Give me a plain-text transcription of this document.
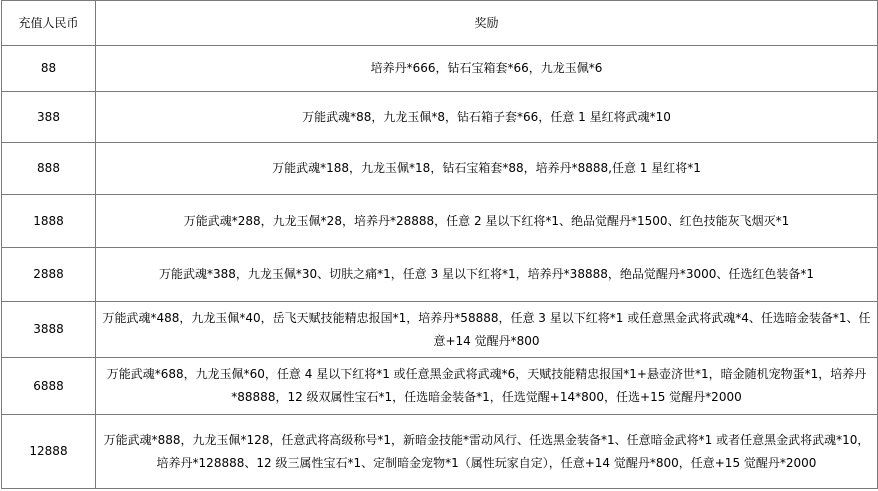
充值人民币	奖励
88	培养丹*666，钻石宝箱套*66，九龙玉佩*6
388	万能武魂*88，九龙玉佩*8，钻石箱子套*66，任意 1 星红将武魂*10
888	万能武魂*188，九龙玉佩*18，钻石宝箱套*88，培养丹*8888,任意 1 星红将*1
1888	万能武魂*288，九龙玉佩*28，培养丹*28888，任意 2 星以下红将*1、绝品觉醒丹*1500、红色技能灰飞烟灭*1
2888	万能武魂*388，九龙玉佩*30、切肤之痛*1，任意 3 星以下红将*1，培养丹*38888，绝品觉醒丹*3000、任选红色装备*1
3888	万能武魂*488，九龙玉佩*40，岳飞天赋技能精忠报国*1，培养丹*58888，任意 3 星以下红将*1 或任意黑金武将武魂*4、任选暗金装备*1、任意+14 觉醒丹*800
6888	万能武魂*688，九龙玉佩*60，任意 4 星以下红将*1 或任意黑金武将武魂*6，天赋技能精忠报国*1+悬壶济世*1，暗金随机宠物蛋*1，培养丹*88888，12 级双属性宝石*1，任选暗金装备*1，任选觉醒+14*800，任选+15 觉醒丹*2000
12888	万能武魂*888，九龙玉佩*128，任意武将高级称号*1，新暗金技能*雷动风行、任选黑金装备*1、任意暗金武将*1 或者任意黑金武将武魂*10，培养丹*128888、12 级三属性宝石*1、定制暗金宠物*1（属性玩家自定），任意+14 觉醒丹*800，任意+15 觉醒丹*2000
